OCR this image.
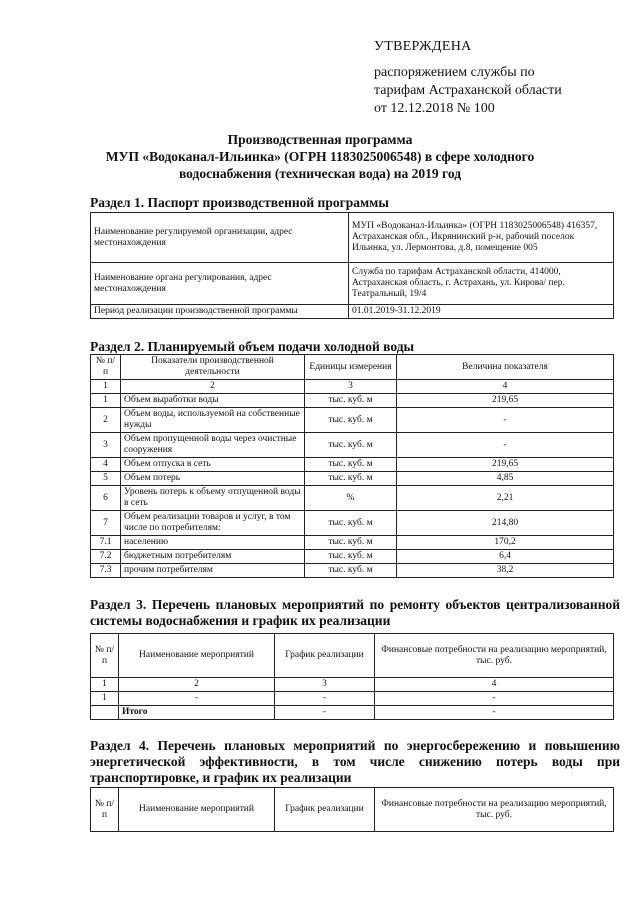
УТВЕРЖДЕНА
распоряжением службы по
тарифам Астраханской области
от 12.12.2018 № 100
Производственная программа
МУП «Водоканал-Ильинка» (ОГРН 1183025006548) в сфере холодного
водоснабжения (техническая вода) на 2019 год
Раздел 1. Паспорт производственной программы
Наименование регулируемой организации, адрес местонахождения	МУП «Водоканал-Ильинка» (ОГРН 1183025006548) 416357, Астраханская обл., Икрянинский р-н, рабочий поселок Ильинка, ул. Лермонтова, д.8, помещение 005
Наименование органа регулирования, адрес местонахождения	Служба по тарифам Астраханской области, 414000, Астраханская область, г. Астрахань, ул. Кирова/ пер. Театральный, 19/4
Период реализации производственной программы	01.01.2019-31.12.2019
Раздел 2. Планируемый объем подачи холодной воды
№ п/п	Показатели производственной деятельности	Единицы измерения	Величина показателя
1	2	3	4
1	Объем выработки воды	тыс. куб. м	219,65
2	Объем воды, используемой на собственные нужды	тыс. куб. м	-
3	Объем пропущенной воды через очистные сооружения	тыс. куб. м	-
4	Объем отпуска в сеть	тыс. куб. м	219,65
5	Объем потерь	тыс. куб. м	4,85
6	Уровень потерь к объему отпущенной воды в сеть	%	2,21
7	Объем реализации товаров и услуг, в том числе по потребителям:	тыс. куб. м	214,80
7.1	населению	тыс. куб. м	170,2
7.2	бюджетным потребителям	тыс. куб. м	6,4
7.3	прочим потребителям	тыс. куб. м	38,2
Раздел 3. Перечень плановых мероприятий по ремонту объектов централизованной системы водоснабжения и график их реализации
№ п/п	Наименование мероприятий	График реализации	Финансовые потребности на реализацию мероприятий, тыс. руб.
1	2	3	4
1	-	-	-
	Итого	-	-
Раздел 4. Перечень плановых мероприятий по энергосбережению и повышению энергетической эффективности, в том числе снижению потерь воды при транспортировке, и график их реализации
№ п/п	Наименование мероприятий	График реализации	Финансовые потребности на реализацию мероприятий, тыс. руб.
